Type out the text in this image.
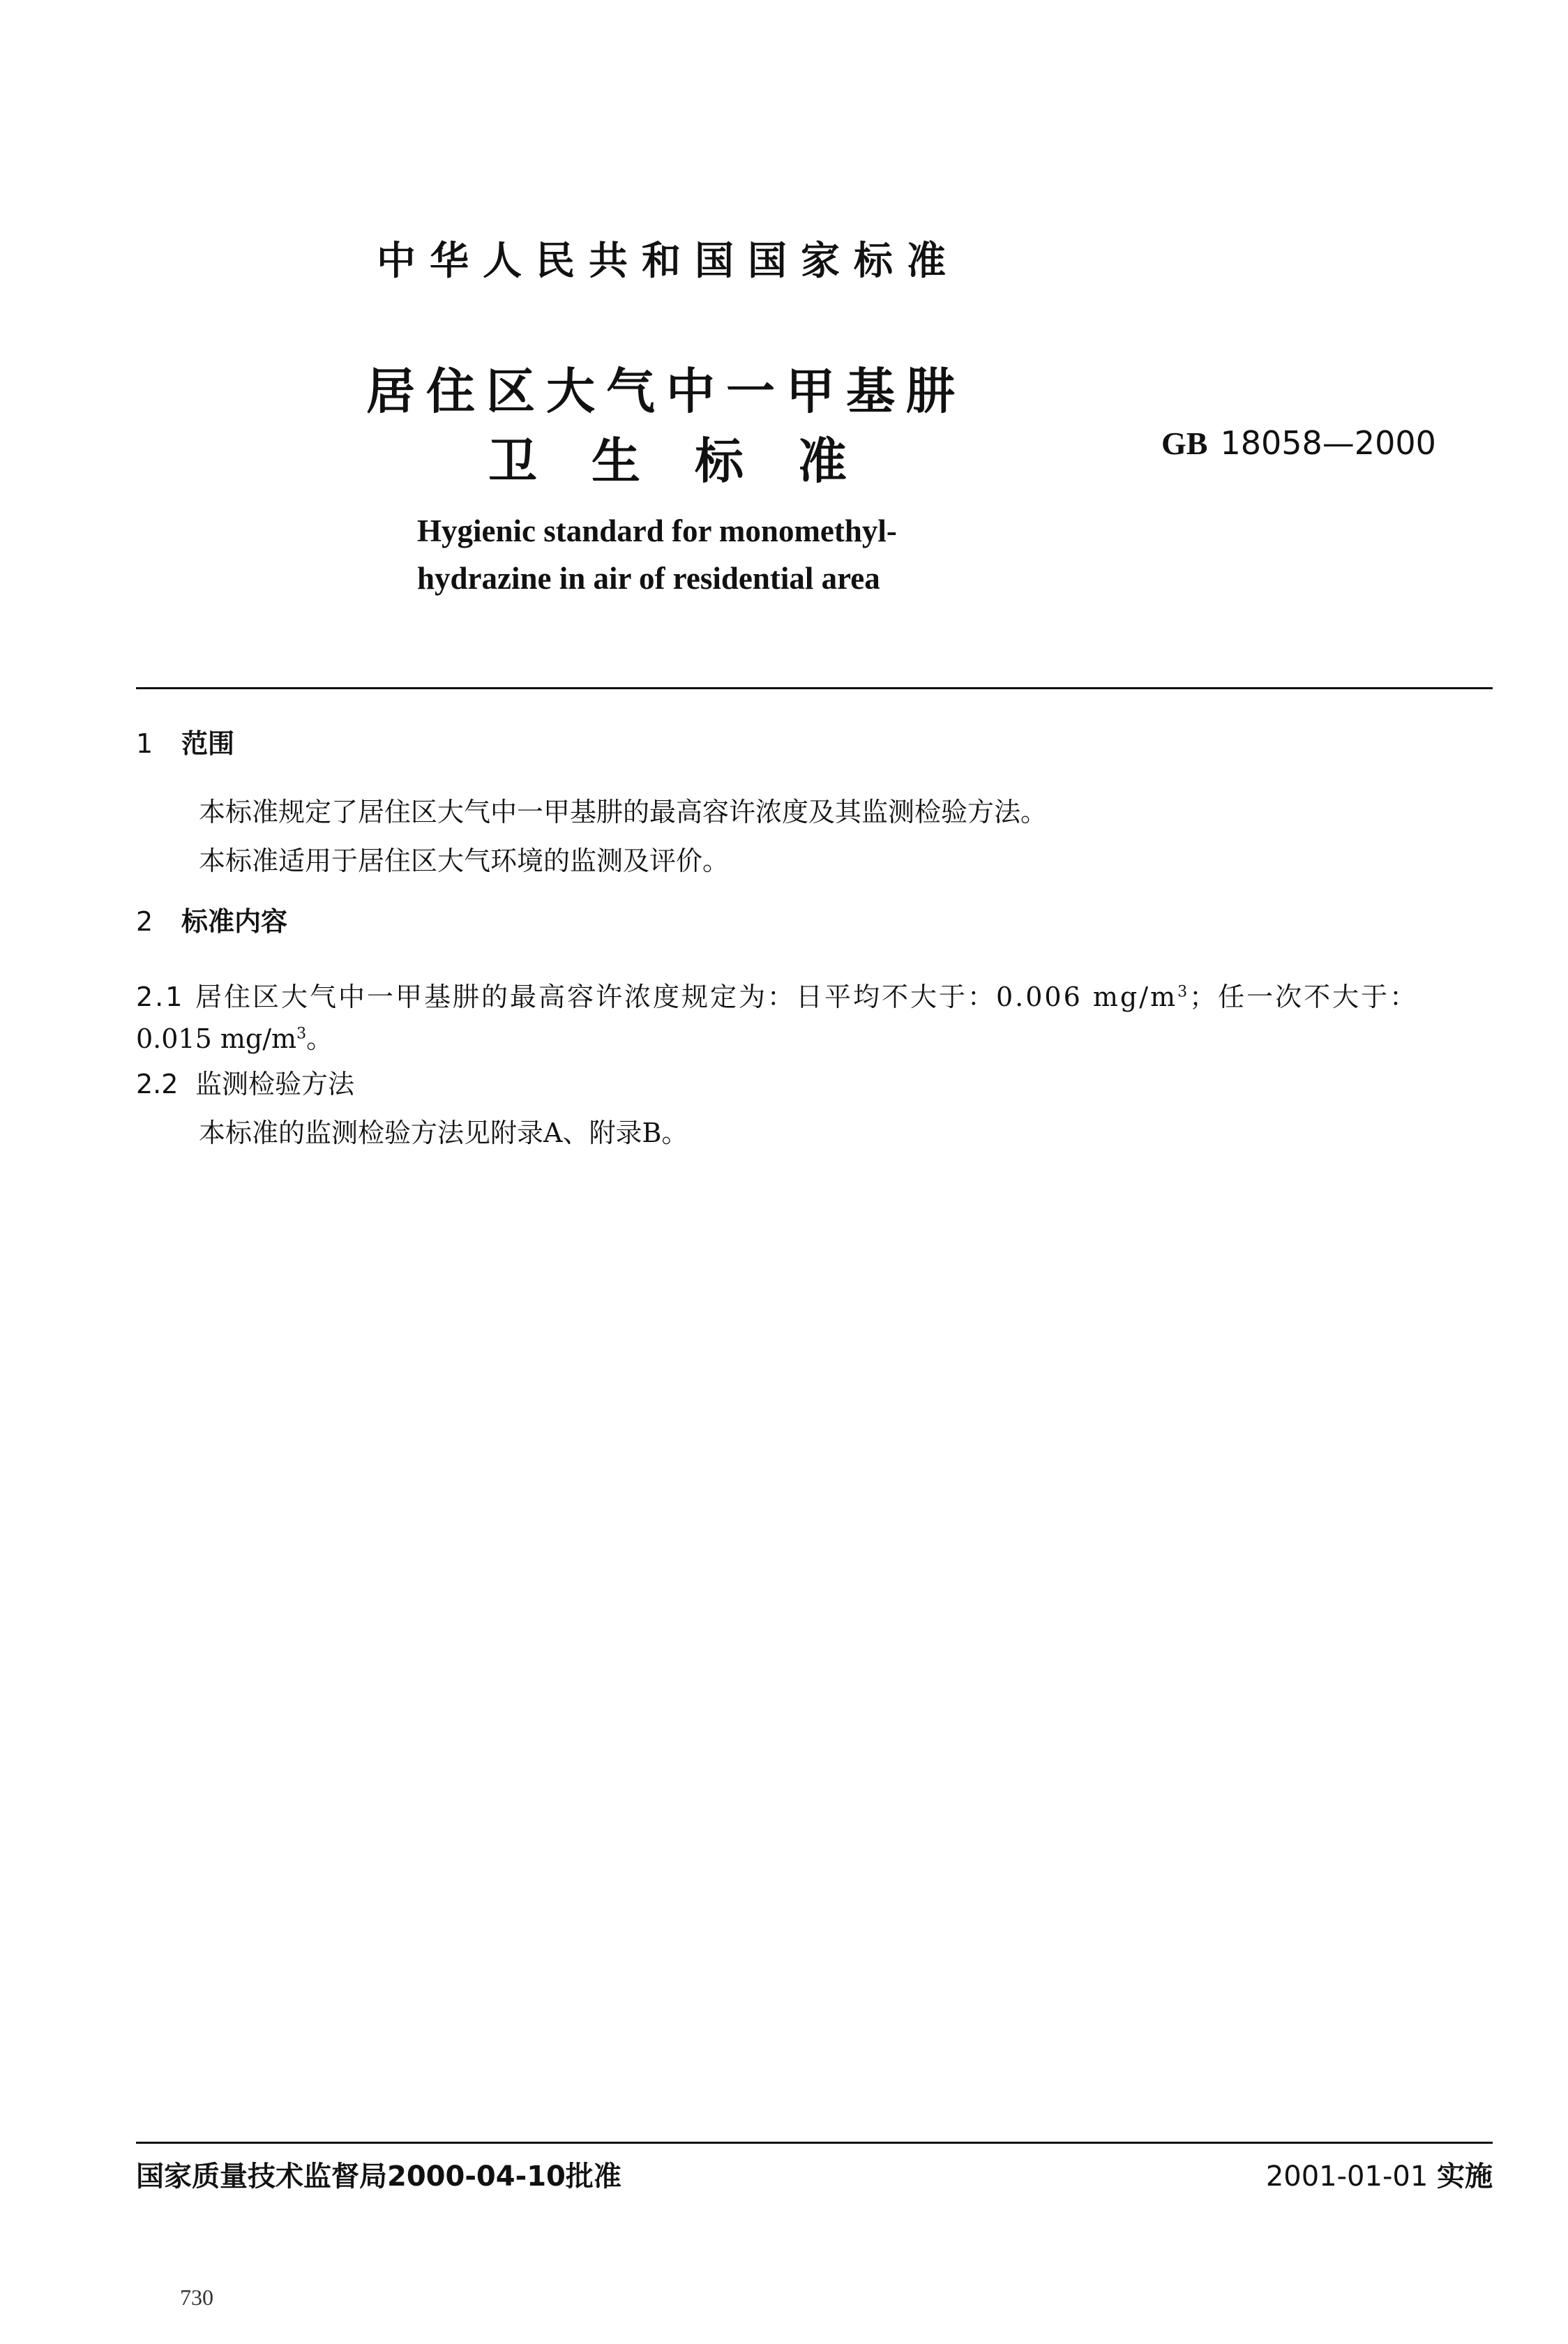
中华人民共和国国家标准
居住区大气中一甲基肼
卫生标准	GB 18058—2000
Hygienic standard for monomethyl-
hydrazine in air of residential area
1 范围
本标准规定了居住区大气中一甲基肼的最高容许浓度及其监测检验方法。
本标准适用于居住区大气环境的监测及评价。
2 标准内容
2.1 居住区大气中一甲基肼的最高容许浓度规定为：日平均不大于：0.006 $mg/m^3$；任一次不大于：
0.015 $mg/m^3$。
2.2 监测检验方法
本标准的监测检验方法见附录A、附录B。
国家质量技术监督局2000-04-10批准	2001-01-01 实施
730
